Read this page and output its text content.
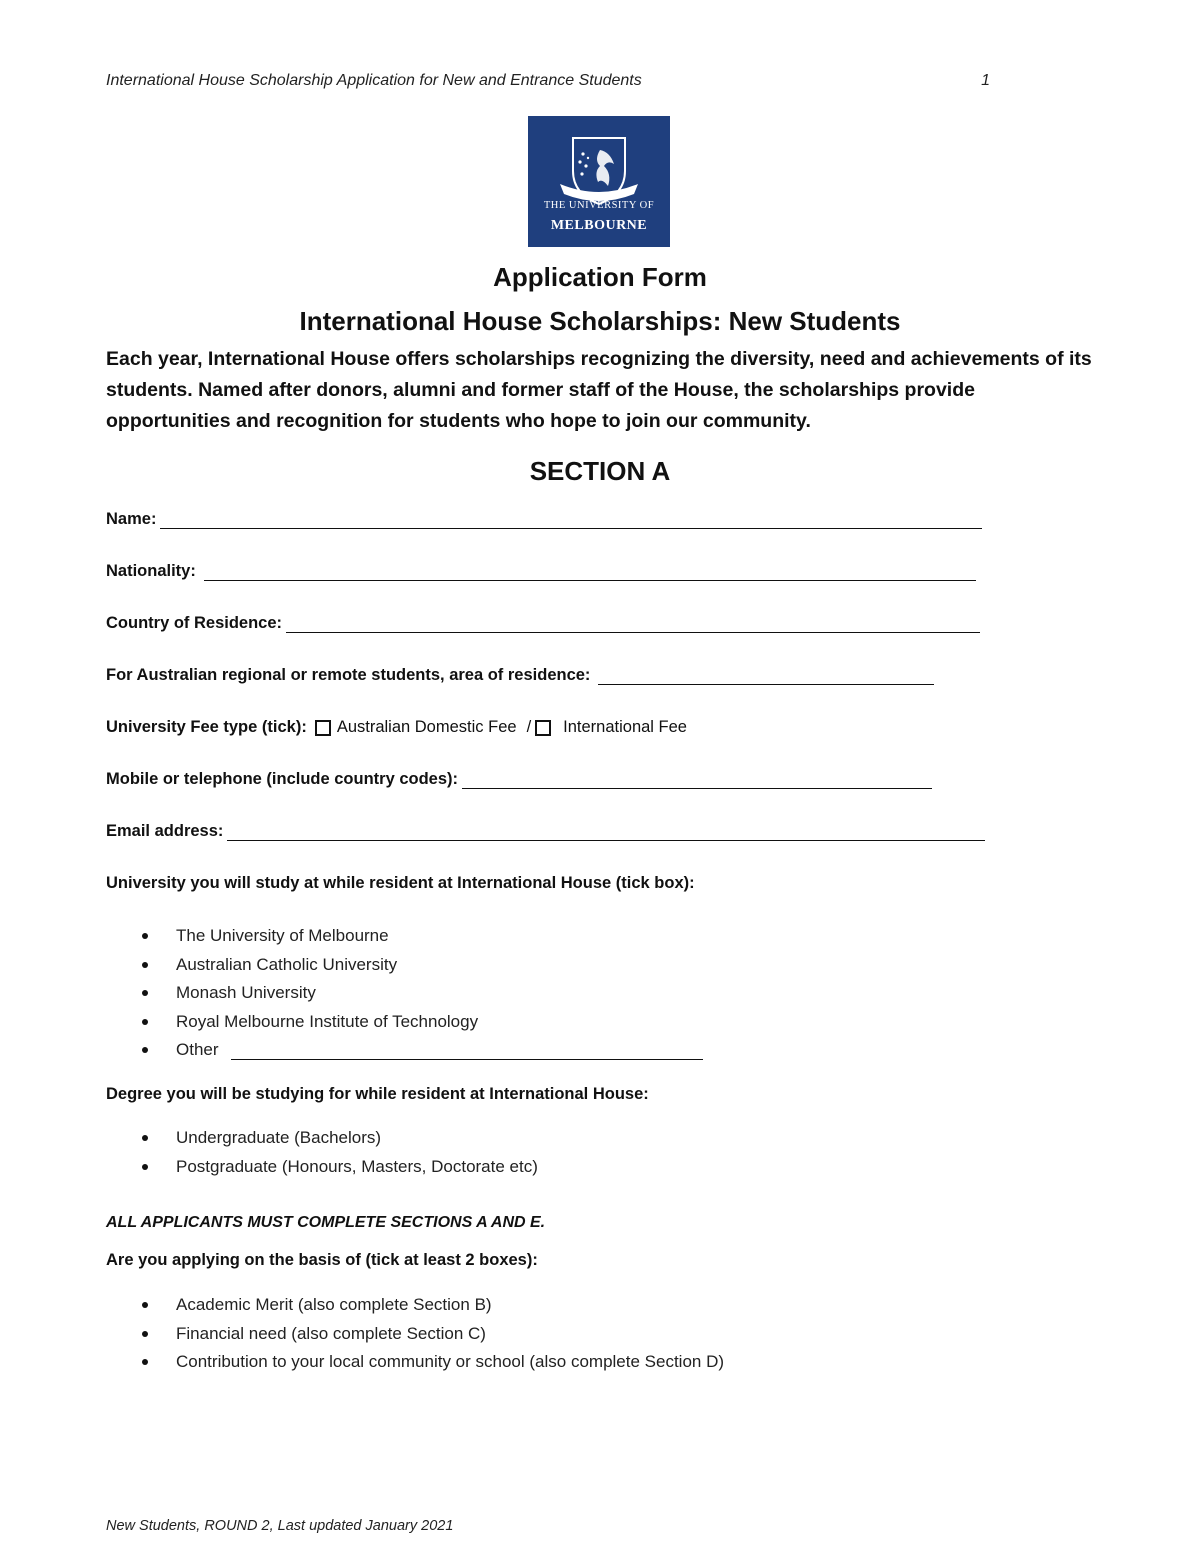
International House Scholarship Application for New and Entrance Students	1
THE UNIVERSITY OF
MELBOURNE
Application Form
International House Scholarships: New Students
Each year, International House offers scholarships recognizing the diversity, need and achievements of its students. Named after donors, alumni and former staff of the House, the scholarships provide opportunities and recognition for students who hope to join our community.
SECTION A
Name:
Nationality:
Country of Residence:
For Australian regional or remote students, area of residence:
University Fee type (tick): Australian Domestic Fee / International Fee
Mobile or telephone (include country codes):
Email address:
University you will study at while resident at International House (tick box):
The University of Melbourne
Australian Catholic University
Monash University
Royal Melbourne Institute of Technology
Other
Degree you will be studying for while resident at International House:
Undergraduate (Bachelors)
Postgraduate (Honours, Masters, Doctorate etc)
ALL APPLICANTS MUST COMPLETE SECTIONS A AND E.
Are you applying on the basis of (tick at least 2 boxes):
Academic Merit (also complete Section B)
Financial need (also complete Section C)
Contribution to your local community or school (also complete Section D)
New Students, ROUND 2, Last updated January 2021
